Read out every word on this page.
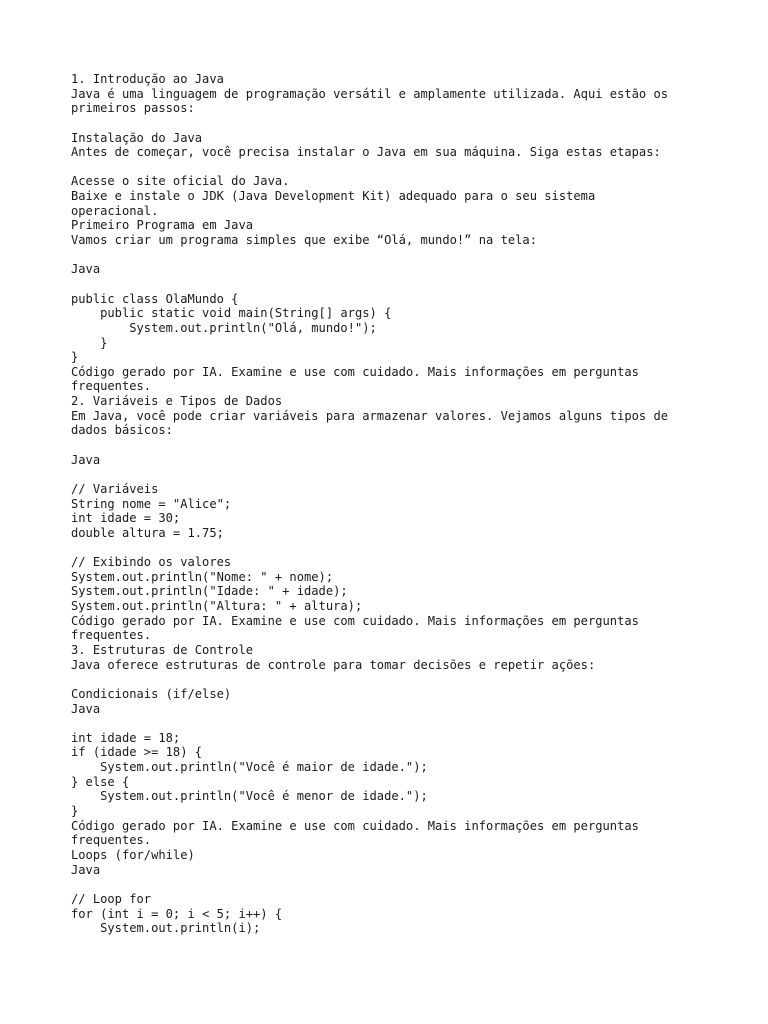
1. Introdução ao Java
Java é uma linguagem de programação versátil e amplamente utilizada. Aqui estão os
primeiros passos:
Instalação do Java
Antes de começar, você precisa instalar o Java em sua máquina. Siga estas etapas:
Acesse o site oficial do Java.
Baixe e instale o JDK (Java Development Kit) adequado para o seu sistema
operacional.
Primeiro Programa em Java
Vamos criar um programa simples que exibe “Olá, mundo!” na tela:
Java
public class OlaMundo {
public static void main(String[] args) {
System.out.println("Olá, mundo!");
}
}
Código gerado por IA. Examine e use com cuidado. Mais informações em perguntas
frequentes.
2. Variáveis e Tipos de Dados
Em Java, você pode criar variáveis para armazenar valores. Vejamos alguns tipos de
dados básicos:
Java
// Variáveis
String nome = "Alice";
int idade = 30;
double altura = 1.75;
// Exibindo os valores
System.out.println("Nome: " + nome);
System.out.println("Idade: " + idade);
System.out.println("Altura: " + altura);
Código gerado por IA. Examine e use com cuidado. Mais informações em perguntas
frequentes.
3. Estruturas de Controle
Java oferece estruturas de controle para tomar decisões e repetir ações:
Condicionais (if/else)
Java
int idade = 18;
if (idade >= 18) {
System.out.println("Você é maior de idade.");
} else {
System.out.println("Você é menor de idade.");
}
Código gerado por IA. Examine e use com cuidado. Mais informações em perguntas
frequentes.
Loops (for/while)
Java
// Loop for
for (int i = 0; i < 5; i++) {
System.out.println(i);
